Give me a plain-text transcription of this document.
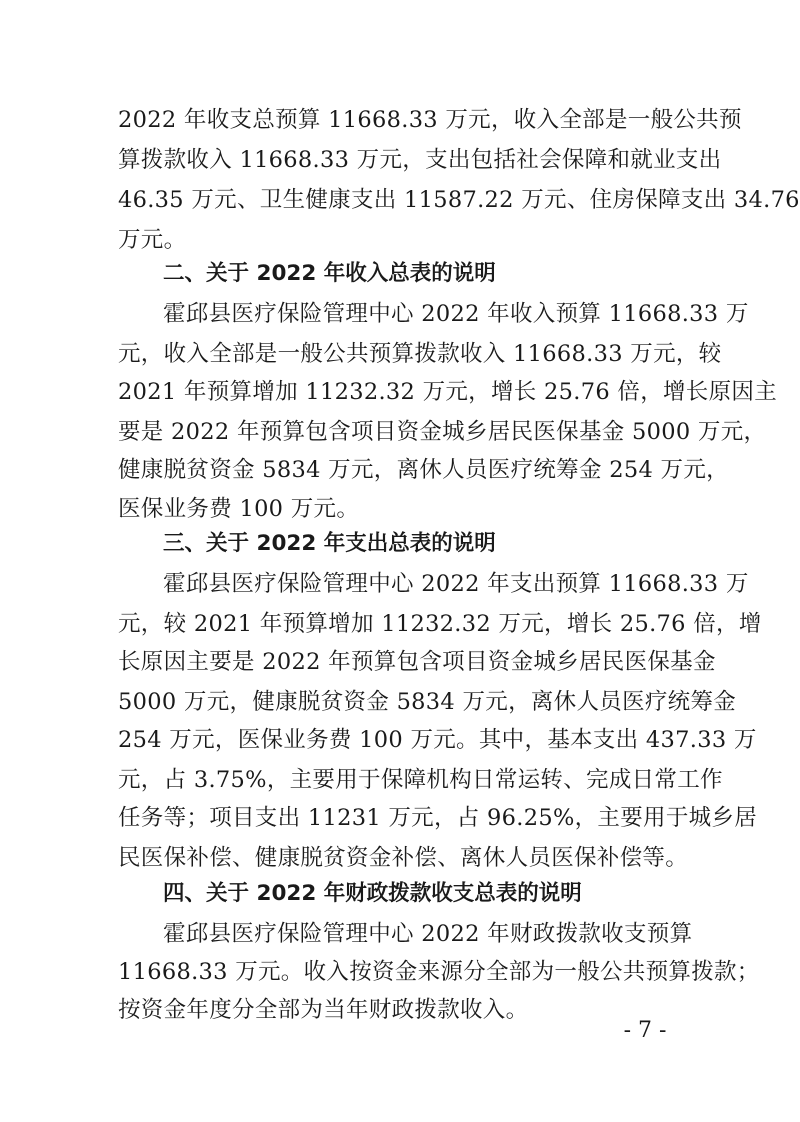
2022 年收支总预算 11668.33 万元，收入全部是一般公共预
算拨款收入 11668.33 万元，支出包括社会保障和就业支出
46.35 万元、卫生健康支出 11587.22 万元、住房保障支出 34.76
万元。
二、关于 2022 年收入总表的说明
霍邱县医疗保险管理中心 2022 年收入预算 11668.33 万
元，收入全部是一般公共预算拨款收入 11668.33 万元，较
2021 年预算增加 11232.32 万元，增长 25.76 倍，增长原因主
要是 2022 年预算包含项目资金城乡居民医保基金 5000 万元，
健康脱贫资金 5834 万元，离休人员医疗统筹金 254 万元，
医保业务费 100 万元。
三、关于 2022 年支出总表的说明
霍邱县医疗保险管理中心 2022 年支出预算 11668.33 万
元，较 2021 年预算增加 11232.32 万元，增长 25.76 倍，增
长原因主要是 2022 年预算包含项目资金城乡居民医保基金
5000 万元，健康脱贫资金 5834 万元，离休人员医疗统筹金
254 万元，医保业务费 100 万元。其中，基本支出 437.33 万
元，占 3.75%，主要用于保障机构日常运转、完成日常工作
任务等；项目支出 11231 万元，占 96.25%，主要用于城乡居
民医保补偿、健康脱贫资金补偿、离休人员医保补偿等。
四、关于 2022 年财政拨款收支总表的说明
霍邱县医疗保险管理中心 2022 年财政拨款收支预算
11668.33 万元。收入按资金来源分全部为一般公共预算拨款；
按资金年度分全部为当年财政拨款收入。
- 7 -
